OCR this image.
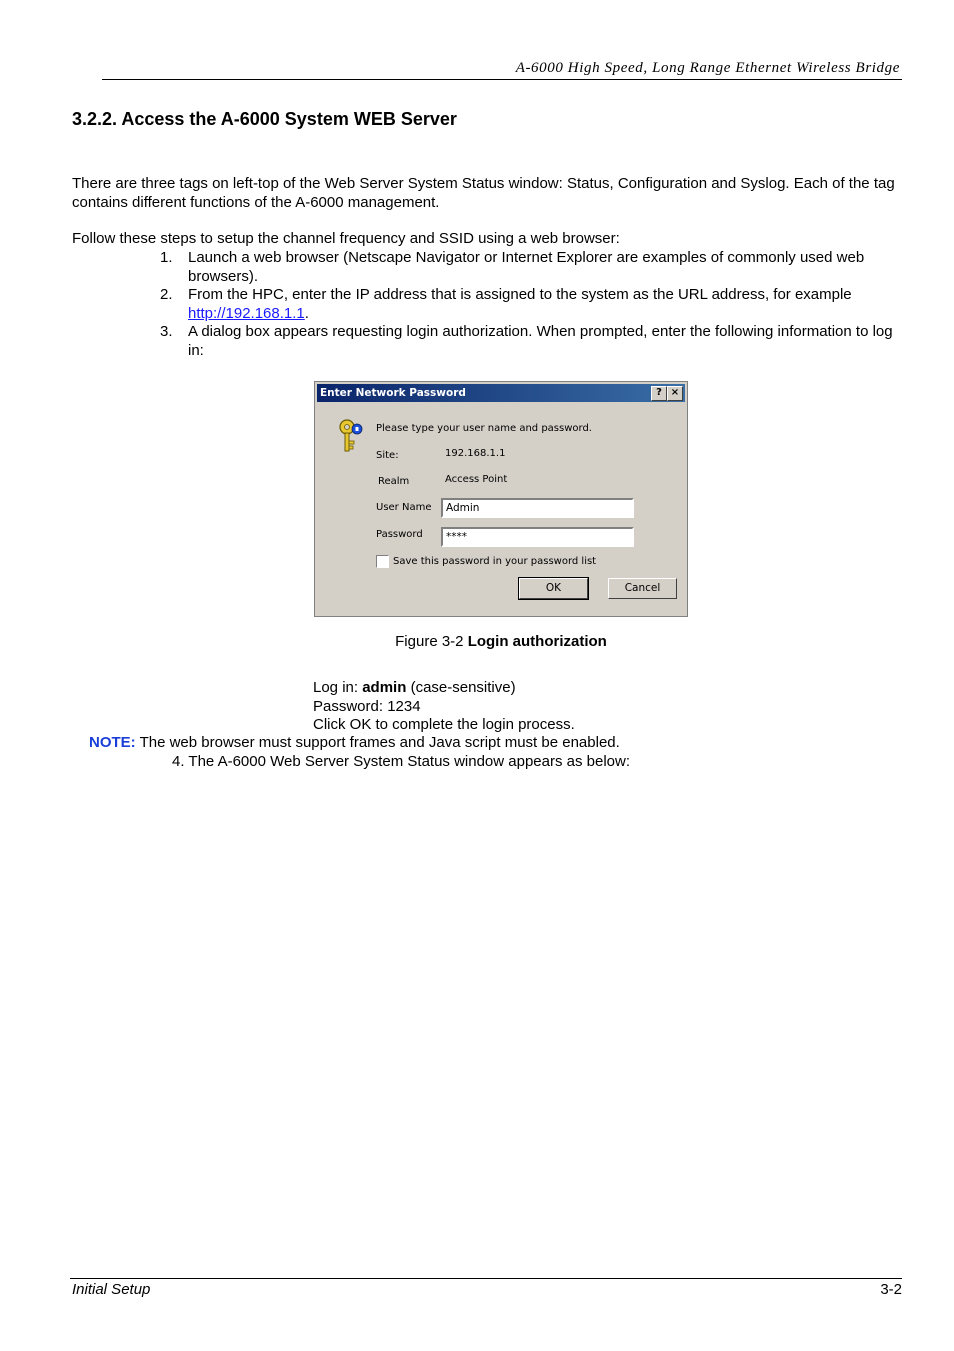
A-6000 High Speed, Long Range Ethernet Wireless Bridge
3.2.2. Access the A-6000 System WEB Server
There are three tags on left-top of the Web Server System Status window: Status, Configuration and Syslog. Each of the tag contains different functions of the A-6000 management.
Follow these steps to setup the channel frequency and SSID using a web browser:
1. Launch a web browser (Netscape Navigator or Internet Explorer are examples of commonly used web browsers).
2. From the HPC, enter the IP address that is assigned to the system as the URL address, for example http://192.168.1.1.
3. A dialog box appears requesting login authorization. When prompted, enter the following information to log in:
Enter Network Password	? ×
Please type your user name and password.
Site:	192.168.1.1
Realm	Access Point
User Name	Admin
Password	****
Save this password in your password list
OK	Cancel
Figure 3-2 Login authorization
Log in: admin (case-sensitive)
Password: 1234
Click OK to complete the login process.
NOTE: The web browser must support frames and Java script must be enabled.
4. The A-6000 Web Server System Status window appears as below:
Initial Setup	3-2
